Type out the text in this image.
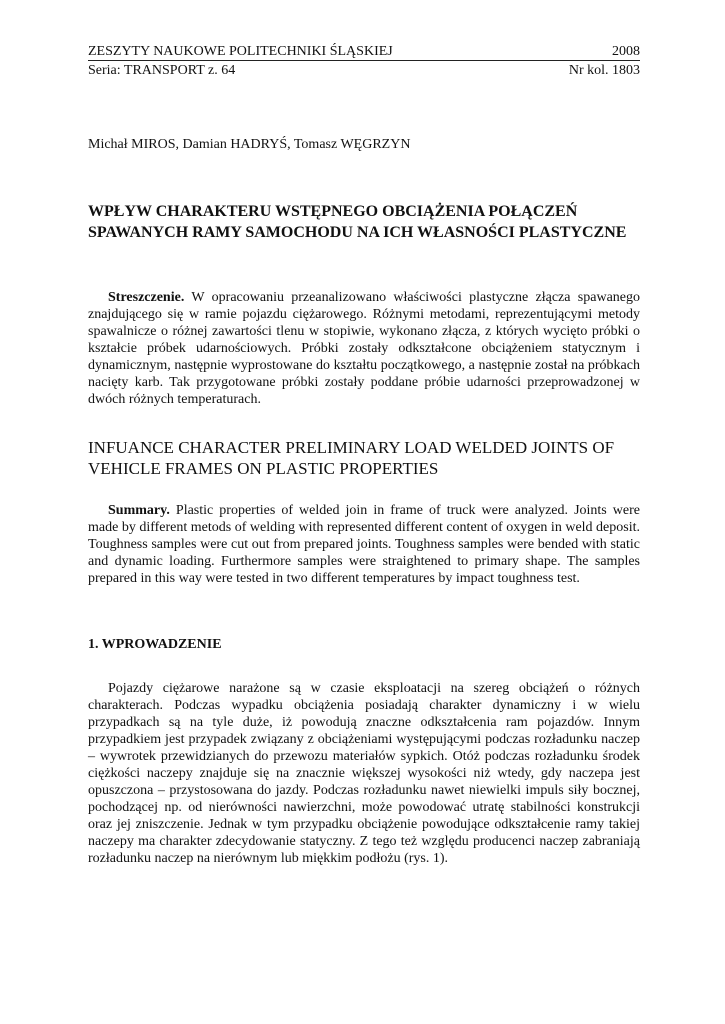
ZESZYTY NAUKOWE POLITECHNIKI ŚLĄSKIEJ	2008
Seria: TRANSPORT z. 64	Nr kol. 1803
Michał MIROS, Damian HADRYŚ, Tomasz WĘGRZYN
WPŁYW CHARAKTERU WSTĘPNEGO OBCIĄŻENIA POŁĄCZEŃ SPAWANYCH RAMY SAMOCHODU NA ICH WŁASNOŚCI PLASTYCZNE

Streszczenie. W opracowaniu przeanalizowano właściwości plastyczne złącza spawanego znajdującego się w ramie pojazdu ciężarowego. Różnymi metodami, reprezentującymi metody spawalnicze o różnej zawartości tlenu w stopiwie, wykonano złącza, z których wycięto próbki o kształcie próbek udarnościowych. Próbki zostały odkształcone obciążeniem statycznym i dynamicznym, następnie wyprostowane do kształtu początkowego, a następnie został na próbkach nacięty karb. Tak przygotowane próbki zostały poddane próbie udarności przeprowadzonej w dwóch różnych temperaturach.

INFUANCE CHARACTER PRELIMINARY LOAD WELDED JOINTS OF VEHICLE FRAMES ON PLASTIC PROPERTIES

Summary. Plastic properties of welded join in frame of truck were analyzed. Joints were made by different metods of welding with represented different content of oxygen in weld deposit. Toughness samples were cut out from prepared joints. Toughness samples were bended with static and dynamic loading. Furthermore samples were straightened to primary shape. The samples prepared in this way were tested in two different temperatures by impact toughness test.

1. WPROWADZENIE

Pojazdy ciężarowe narażone są w czasie eksploatacji na szereg obciążeń o różnych charakterach. Podczas wypadku obciążenia posiadają charakter dynamiczny i w wielu przypadkach są na tyle duże, iż powodują znaczne odkształcenia ram pojazdów. Innym przypadkiem jest przypadek związany z obciążeniami występującymi podczas rozładunku naczep – wywrotek przewidzianych do przewozu materiałów sypkich. Otóż podczas rozładunku środek ciężkości naczepy znajduje się na znacznie większej wysokości niż wtedy, gdy naczepa jest opuszczona – przystosowana do jazdy. Podczas rozładunku nawet niewielki impuls siły bocznej, pochodzącej np. od nierówności nawierzchni, może powodować utratę stabilności konstrukcji oraz jej zniszczenie. Jednak w tym przypadku obciążenie powodujące odkształcenie ramy takiej naczepy ma charakter zdecydowanie statyczny. Z tego też względu producenci naczep zabraniają rozładunku naczep na nierównym lub miękkim podłożu (rys. 1).
